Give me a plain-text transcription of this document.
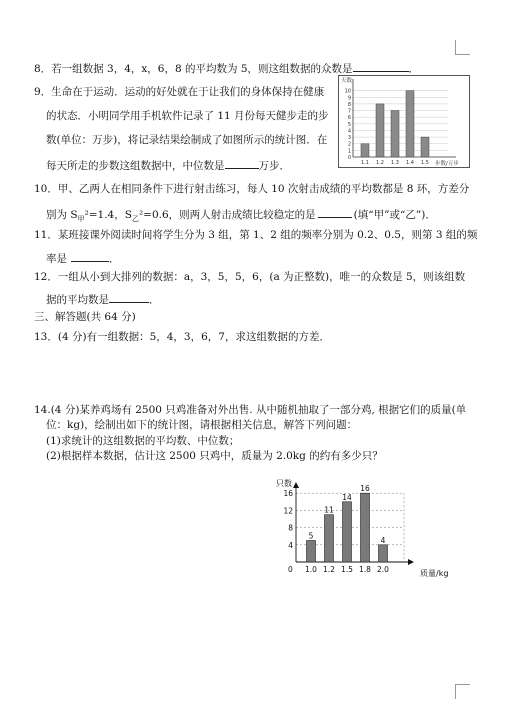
8．若一组数据 3，4，x，6，8 的平均数为 5，则这组数据的众数是	．
9．生命在于运动．运动的好处就在于让我们的身体保持在健康
的状态．小明同学用手机软件记录了 11 月份每天健步走的步
数(单位：万步)，将记录结果绘制成了如图所示的统计图．在
每天所走的步数这组数据中，中位数是	万步．
0
1
2
3
4
5
6
7
8
9
10
天数
步数/万步
1.1 1.2 1.3 1.4 1.5
10．甲、乙两人在相同条件下进行射击练习，每人 10 次射击成绩的平均数都是 8 环，方差分
别为 $S_甲^2=1.4$，$S_乙^2=0.6$，则两人射击成绩比较稳定的是	(填“甲”或“乙”)．
11．某班接课外阅读时间将学生分为 3 组，第 1、2 组的频率分别为 0.2、0.5，则第 3 组的频
率是	．
12．一组从小到大排列的数据：a，3，5，5，6，(a 为正整数)，唯一的众数是 5，则该组数
据的平均数是	．
三、解答题(共 64 分)
13．(4 分)有一组数据：5，4，3，6，7，求这组数据的方差．
14.(4 分)某养鸡场有 2500 只鸡准备对外出售. 从中随机抽取了一部分鸡, 根据它们的质量(单
位：kg)，绘制出如下的统计图，请根据相关信息，解答下列问题：
(1)求统计的这组数据的平均数、中位数；
(2)根据样本数据，估计这 2500 只鸡中，质量为 2.0kg 的约有多少只？
4
8
12
16
只数
质量/kg
0
5
1.0
11
1.2
14
1.5
16
1.8
4
2.0
